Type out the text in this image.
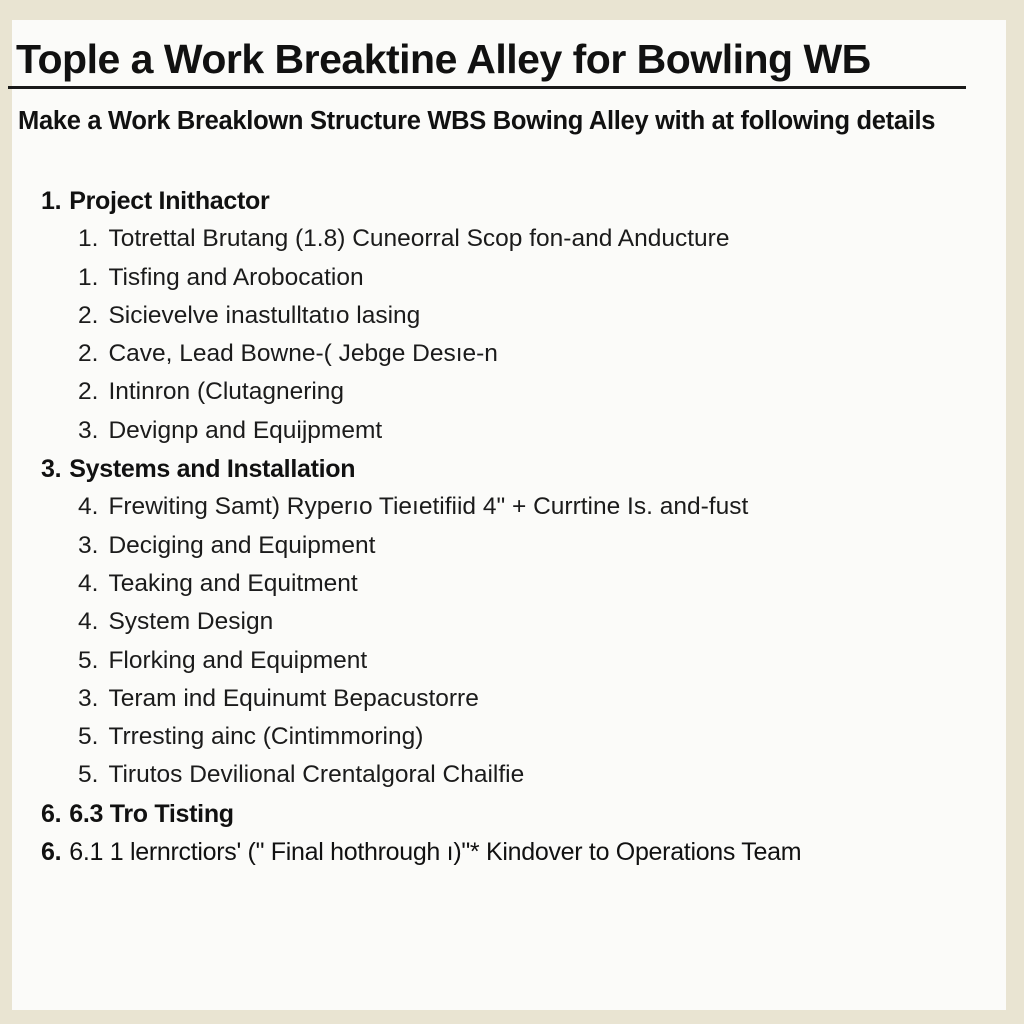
Tople a Work Breaktine Alley for Bowling WБ

Make a Work Breaklown Structure WBS Bowing Alley with at following details

1. Project Inithactor
1. Totrettal Brutang (1.8) Cuneorral Scop fon-and Anducture
1. Tisfing and Arobocation
2. Sicievelve inastulltatıo lasing
2. Cave, Lead Bowne-( Jebge Desıe-n
2. Intinron (Clutagnering
3. Devignp and Equijpmemt
3. Systems and Installation
4. Frewiting Samt) Ryperıo Tieıetifiid 4" + Currtine Is. and-fust
3. Deciging and Equipment
4. Teaking and Equitment
4. System Design
5. Florking and Equipment
3. Teram ind Equinumt Bepacustorre
5. Trresting ainc (Cintimmoring)
5. Tirutos Devilional Crentalgoral Chailfie
6. 6.3 Tro Tisting
6. 6.1 1 lernrctiors' (" Final hothrough ı)"* Kindover to Operations Team
